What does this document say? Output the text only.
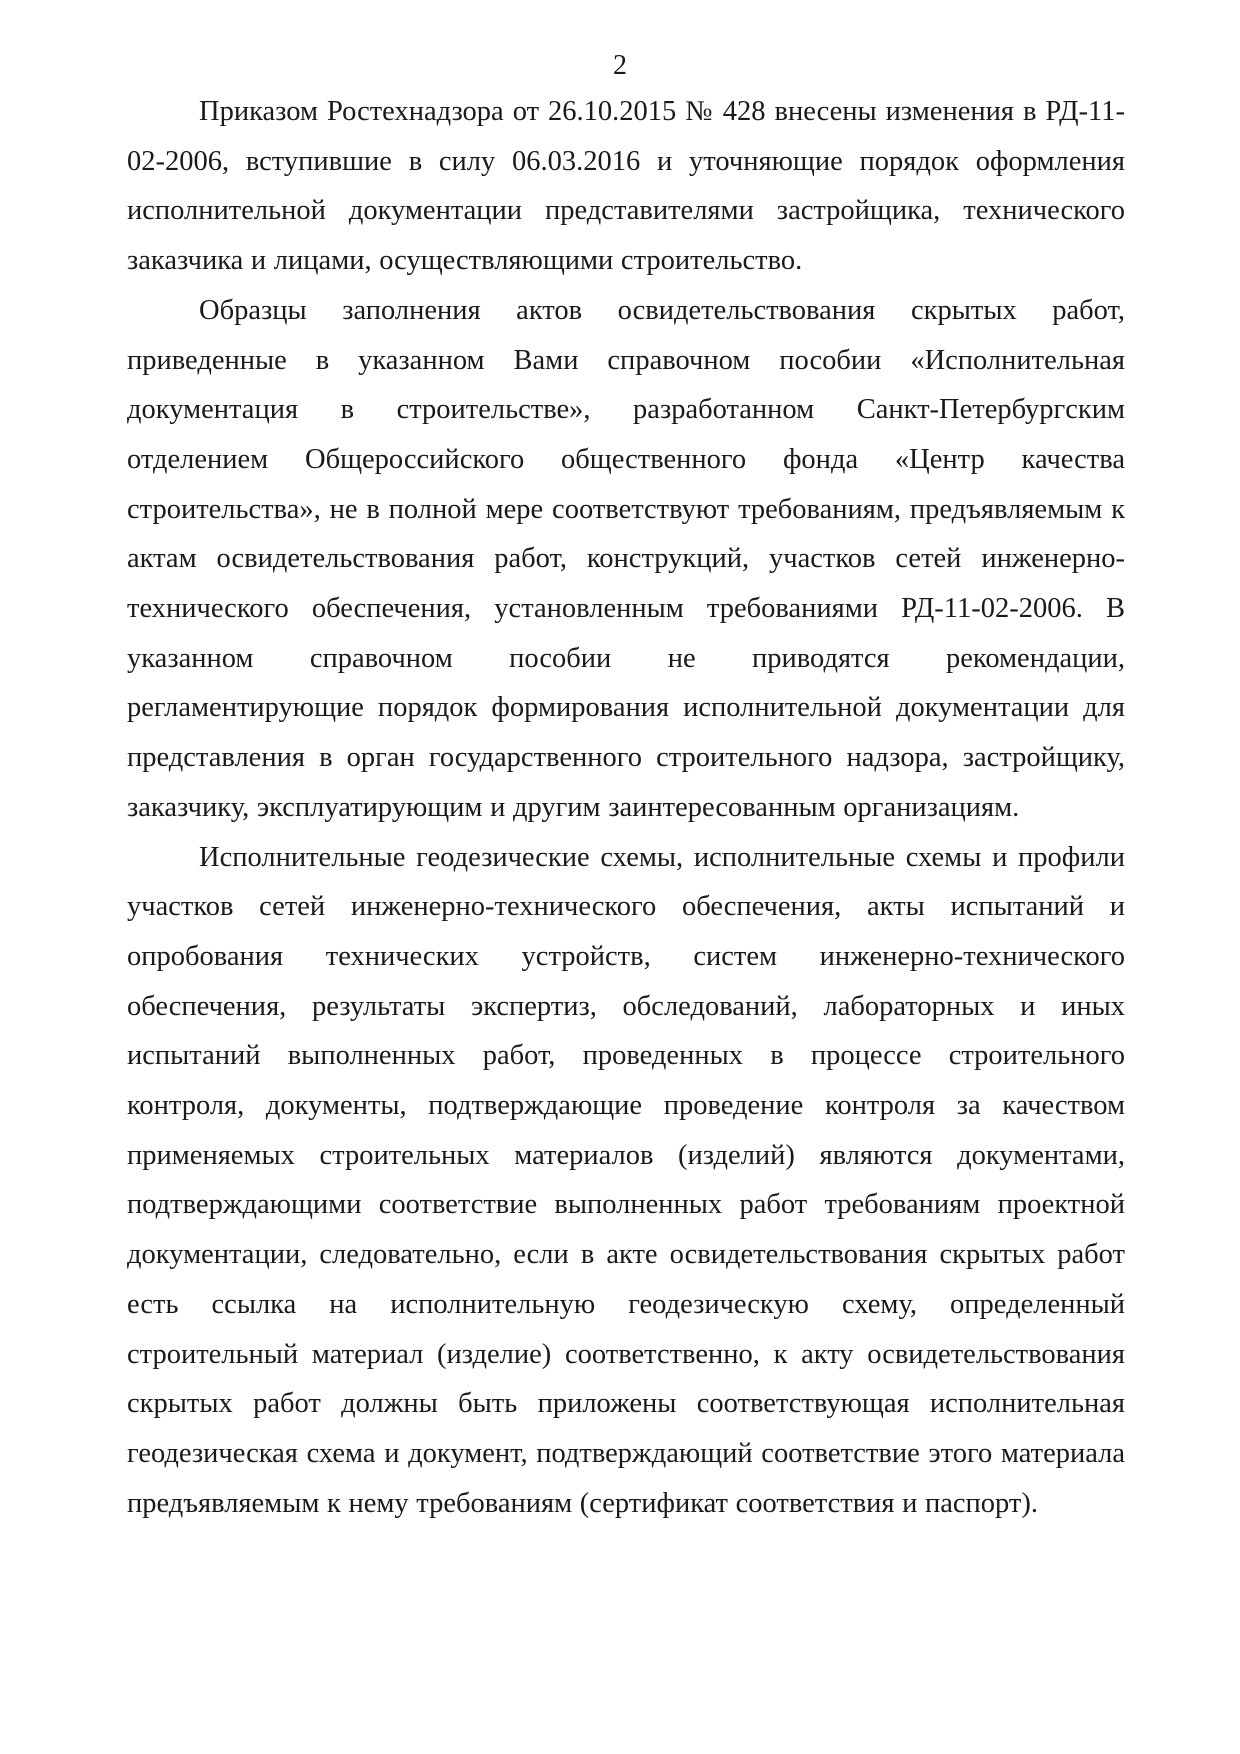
2

Приказом Ростехнадзора от 26.10.2015 № 428 внесены изменения в РД-11-02-2006, вступившие в силу 06.03.2016 и уточняющие порядок оформления исполнительной документации представителями застройщика, технического заказчика и лицами, осуществляющими строительство.

Образцы заполнения актов освидетельствования скрытых работ, приведенные в указанном Вами справочном пособии «Исполнительная документация в строительстве», разработанном Санкт-Петербургским отделением Общероссийского общественного фонда «Центр качества строительства», не в полной мере соответствуют требованиям, предъявляемым к актам освидетельствования работ, конструкций, участков сетей инженерно-технического обеспечения, установленным требованиями РД-11-02-2006. В указанном справочном пособии не приводятся рекомендации, регламентирующие порядок формирования исполнительной документации для представления в орган государственного строительного надзора, застройщику, заказчику, эксплуатирующим и другим заинтересованным организациям.

Исполнительные геодезические схемы, исполнительные схемы и профили участков сетей инженерно-технического обеспечения, акты испытаний и опробования технических устройств, систем инженерно-технического обеспечения, результаты экспертиз, обследований, лабораторных и иных испытаний выполненных работ, проведенных в процессе строительного контроля, документы, подтверждающие проведение контроля за качеством применяемых строительных материалов (изделий) являются документами, подтверждающими соответствие выполненных работ требованиям проектной документации, следовательно, если в акте освидетельствования скрытых работ есть ссылка на исполнительную геодезическую схему, определенный строительный материал (изделие) соответственно, к акту освидетельствования скрытых работ должны быть приложены соответствующая исполнительная геодезическая схема и документ, подтверждающий соответствие этого материала предъявляемым к нему требованиям (сертификат соответствия и паспорт).
